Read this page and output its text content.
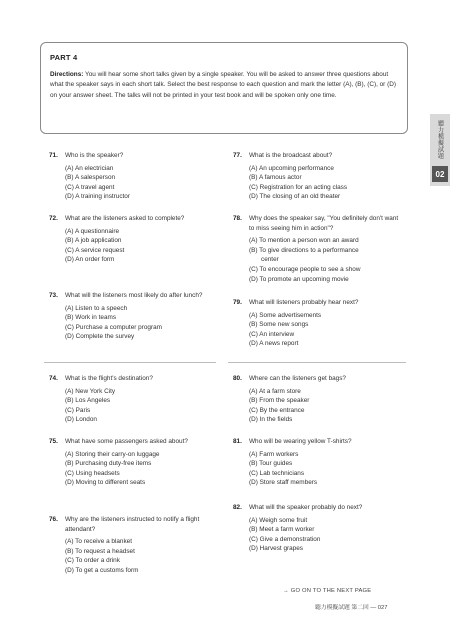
PART 4
Directions: You will hear some short talks given by a single speaker. You will be asked to answer three questions about what the speaker says in each short talk. Select the best response to each question and mark the letter (A), (B), (C), or (D) on your answer sheet. The talks will not be printed in your test book and will be spoken only one time.
聽力模擬試題
02
71.	Who is the speaker?
(A) An electrician
(B) A salesperson
(C) A travel agent
(D) A training instructor
72.	What are the listeners asked to complete?
(A) A questionnaire
(B) A job application
(C) A service request
(D) An order form
73.	What will the listeners most likely do after lunch?
(A) Listen to a speech
(B) Work in teams
(C) Purchase a computer program
(D) Complete the survey
74.	What is the flight's destination?
(A) New York City
(B) Los Angeles
(C) Paris
(D) London
75.	What have some passengers asked about?
(A) Storing their carry-on luggage
(B) Purchasing duty-free items
(C) Using headsets
(D) Moving to different seats
76.	Why are the listeners instructed to notify a flight attendant?
(A) To receive a blanket
(B) To request a headset
(C) To order a drink
(D) To get a customs form
77.	What is the broadcast about?
(A) An upcoming performance
(B) A famous actor
(C) Registration for an acting class
(D) The closing of an old theater
78.	Why does the speaker say, "You definitely don't want to miss seeing him in action"?
(A) To mention a person won an award
(B) To give directions to a performance
center
(C) To encourage people to see a show
(D) To promote an upcoming movie
79.	What will listeners probably hear next?
(A) Some advertisements
(B) Some new songs
(C) An interview
(D) A news report
80.	Where can the listeners get bags?
(A) At a farm store
(B) From the speaker
(C) By the entrance
(D) In the fields
81.	Who will be wearing yellow T-shirts?
(A) Farm workers
(B) Tour guides
(C) Lab technicians
(D) Store staff members
82.	What will the speaker probably do next?
(A) Weigh some fruit
(B) Meet a farm worker
(C) Give a demonstration
(D) Harvest grapes
→ GO ON TO THE NEXT PAGE
聽力模擬試題 第二回 — 027
